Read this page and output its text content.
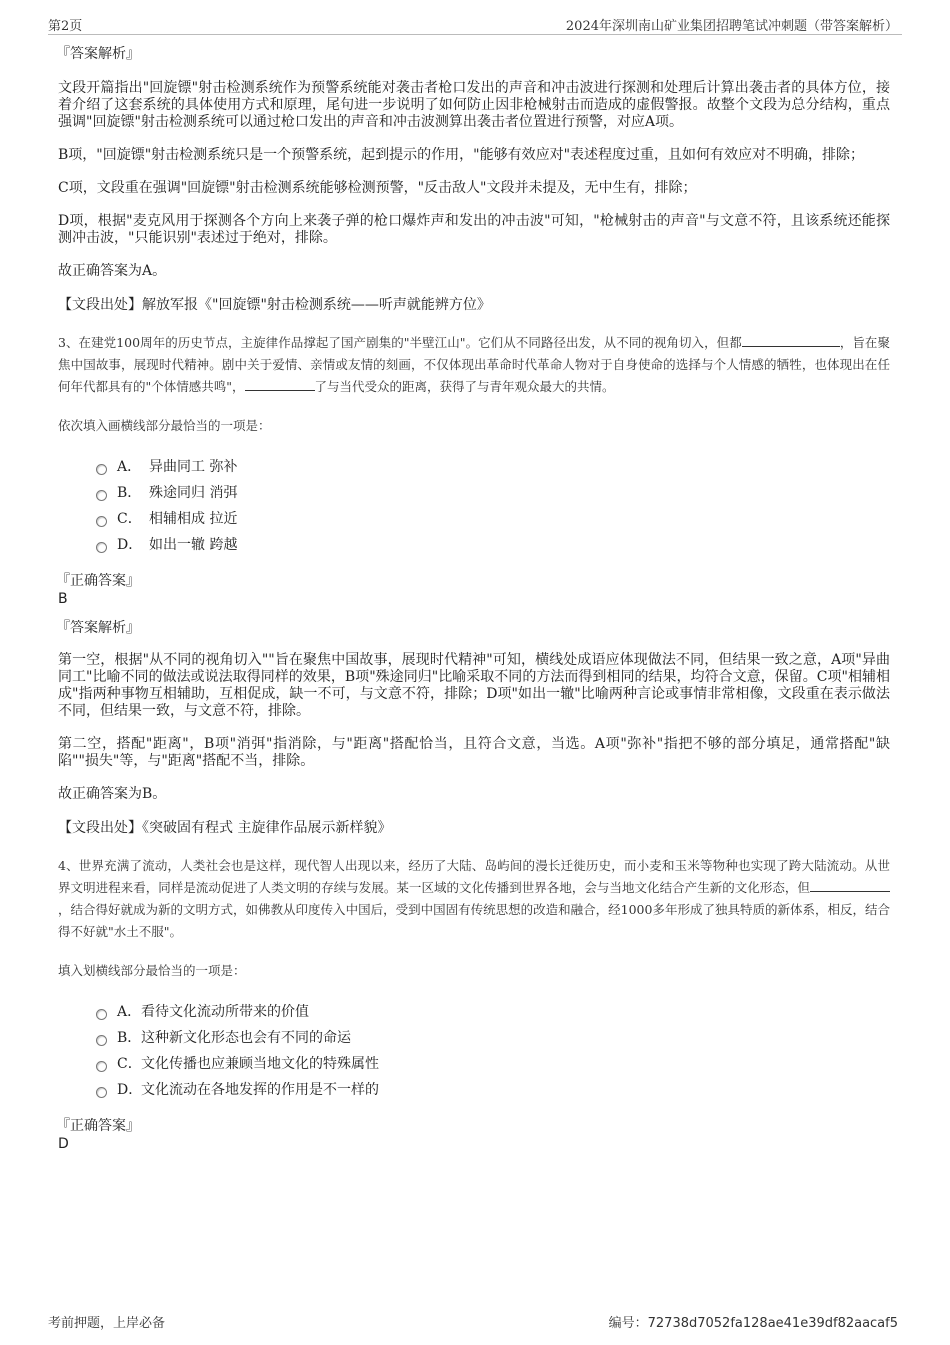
第2页	2024年深圳南山矿业集团招聘笔试冲刺题（带答案解析）
『答案解析』

文段开篇指出"回旋镖"射击检测系统作为预警系统能对袭击者枪口发出的声音和冲击波进行探测和处理后计算出袭击者的具体方位，接着介绍了这套系统的具体使用方式和原理，尾句进一步说明了如何防止因非枪械射击而造成的虚假警报。故整个文段为总分结构，重点强调"回旋镖"射击检测系统可以通过枪口发出的声音和冲击波测算出袭击者位置进行预警，对应A项。

B项，"回旋镖"射击检测系统只是一个预警系统，起到提示的作用，"能够有效应对"表述程度过重，且如何有效应对不明确，排除；

C项，文段重在强调"回旋镖"射击检测系统能够检测预警，"反击敌人"文段并未提及，无中生有，排除；

D项，根据"麦克风用于探测各个方向上来袭子弹的枪口爆炸声和发出的冲击波"可知，"枪械射击的声音"与文意不符，且该系统还能探测冲击波，"只能识别"表述过于绝对，排除。

故正确答案为A。

【文段出处】解放军报《"回旋镖"射击检测系统——听声就能辨方位》

3、在建党100周年的历史节点，主旋律作品撑起了国产剧集的"半壁江山"。它们从不同路径出发，从不同的视角切入，但都	，旨在聚焦中国故事，展现时代精神。剧中关于爱情、亲情或友情的刻画，不仅体现出革命时代革命人物对于自身使命的选择与个人情感的牺牲，也体现出在任何年代都具有的"个体情感共鸣"，	了与当代受众的距离，获得了与青年观众最大的共情。

依次填入画横线部分最恰当的一项是：
A． 异曲同工 弥补
B． 殊途同归 消弭
C． 相辅相成 拉近
D． 如出一辙 跨越
『正确答案』
B
『答案解析』

第一空，根据"从不同的视角切入""旨在聚焦中国故事，展现时代精神"可知，横线处成语应体现做法不同，但结果一致之意，A项"异曲同工"比喻不同的做法或说法取得同样的效果，B项"殊途同归"比喻采取不同的方法而得到相同的结果，均符合文意，保留。C项"相辅相成"指两种事物互相辅助，互相促成，缺一不可，与文意不符，排除；D项"如出一辙"比喻两种言论或事情非常相像，文段重在表示做法不同，但结果一致，与文意不符，排除。

第二空，搭配"距离"，B项"消弭"指消除，与"距离"搭配恰当，且符合文意，当选。A项"弥补"指把不够的部分填足，通常搭配"缺陷""损失"等，与"距离"搭配不当，排除。

故正确答案为B。

【文段出处】《突破固有程式 主旋律作品展示新样貌》

4、世界充满了流动，人类社会也是这样，现代智人出现以来，经历了大陆、岛屿间的漫长迁徙历史，而小麦和玉米等物种也实现了跨大陆流动。从世界文明进程来看，同样是流动促进了人类文明的存续与发展。某一区域的文化传播到世界各地，会与当地文化结合产生新的文化形态，但，结合得好就成为新的文明方式，如佛教从印度传入中国后，受到中国固有传统思想的改造和融合，经1000多年形成了独具特质的新体系，相反，结合得不好就"水土不服"。

填入划横线部分最恰当的一项是：
A． 看待文化流动所带来的价值
B． 这种新文化形态也会有不同的命运
C． 文化传播也应兼顾当地文化的特殊属性
D．
文化流动在各地发挥的作用是不一样的
『正确答案』
D
考前押题，上岸必备	编号：72738d7052fa128ae41e39df82aacaf5
